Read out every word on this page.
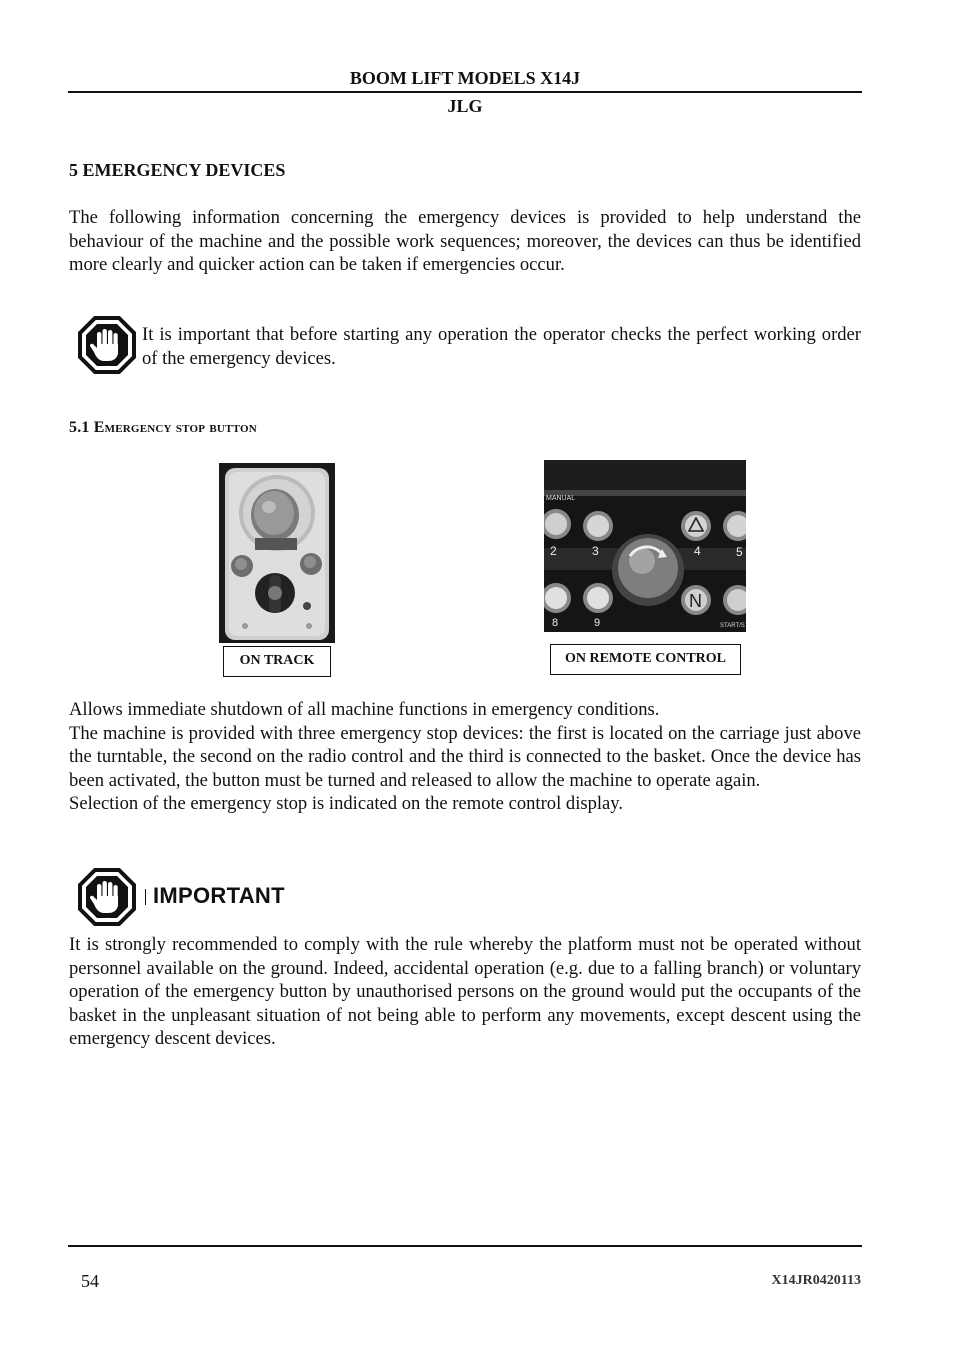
BOOM LIFT MODELS X14J
JLG
5 EMERGENCY DEVICES

The following information concerning the emergency devices is provided to help understand the behaviour of the machine and the possible work sequences; moreover, the devices can thus be identified more clearly and quicker action can be taken if emergencies occur.

It is important that before starting any operation the operator checks the perfect working order of the emergency devices.
5.1 Emergency stop button
ON TRACK
MANUAL
2	3	4	5
8	9
N
START/S
ON REMOTE CONTROL

Allows immediate shutdown of all machine functions in emergency conditions.

The machine is provided with three emergency stop devices: the first is located on the carriage just above the turntable, the second on the radio control and the third is connected to the basket. Once the device has been activated, the button must be turned and released to allow the machine to operate again.

Selection of the emergency stop is indicated on the remote control display.

IMPORTANT

It is strongly recommended to comply with the rule whereby the platform must not be operated without personnel available on the ground. Indeed, accidental operation (e.g. due to a falling branch) or voluntary operation of the emergency button by unauthorised persons on the ground would put the occupants of the basket in the unpleasant situation of not being able to perform any movements, except descent using the emergency descent devices.

54	X14JR0420113
